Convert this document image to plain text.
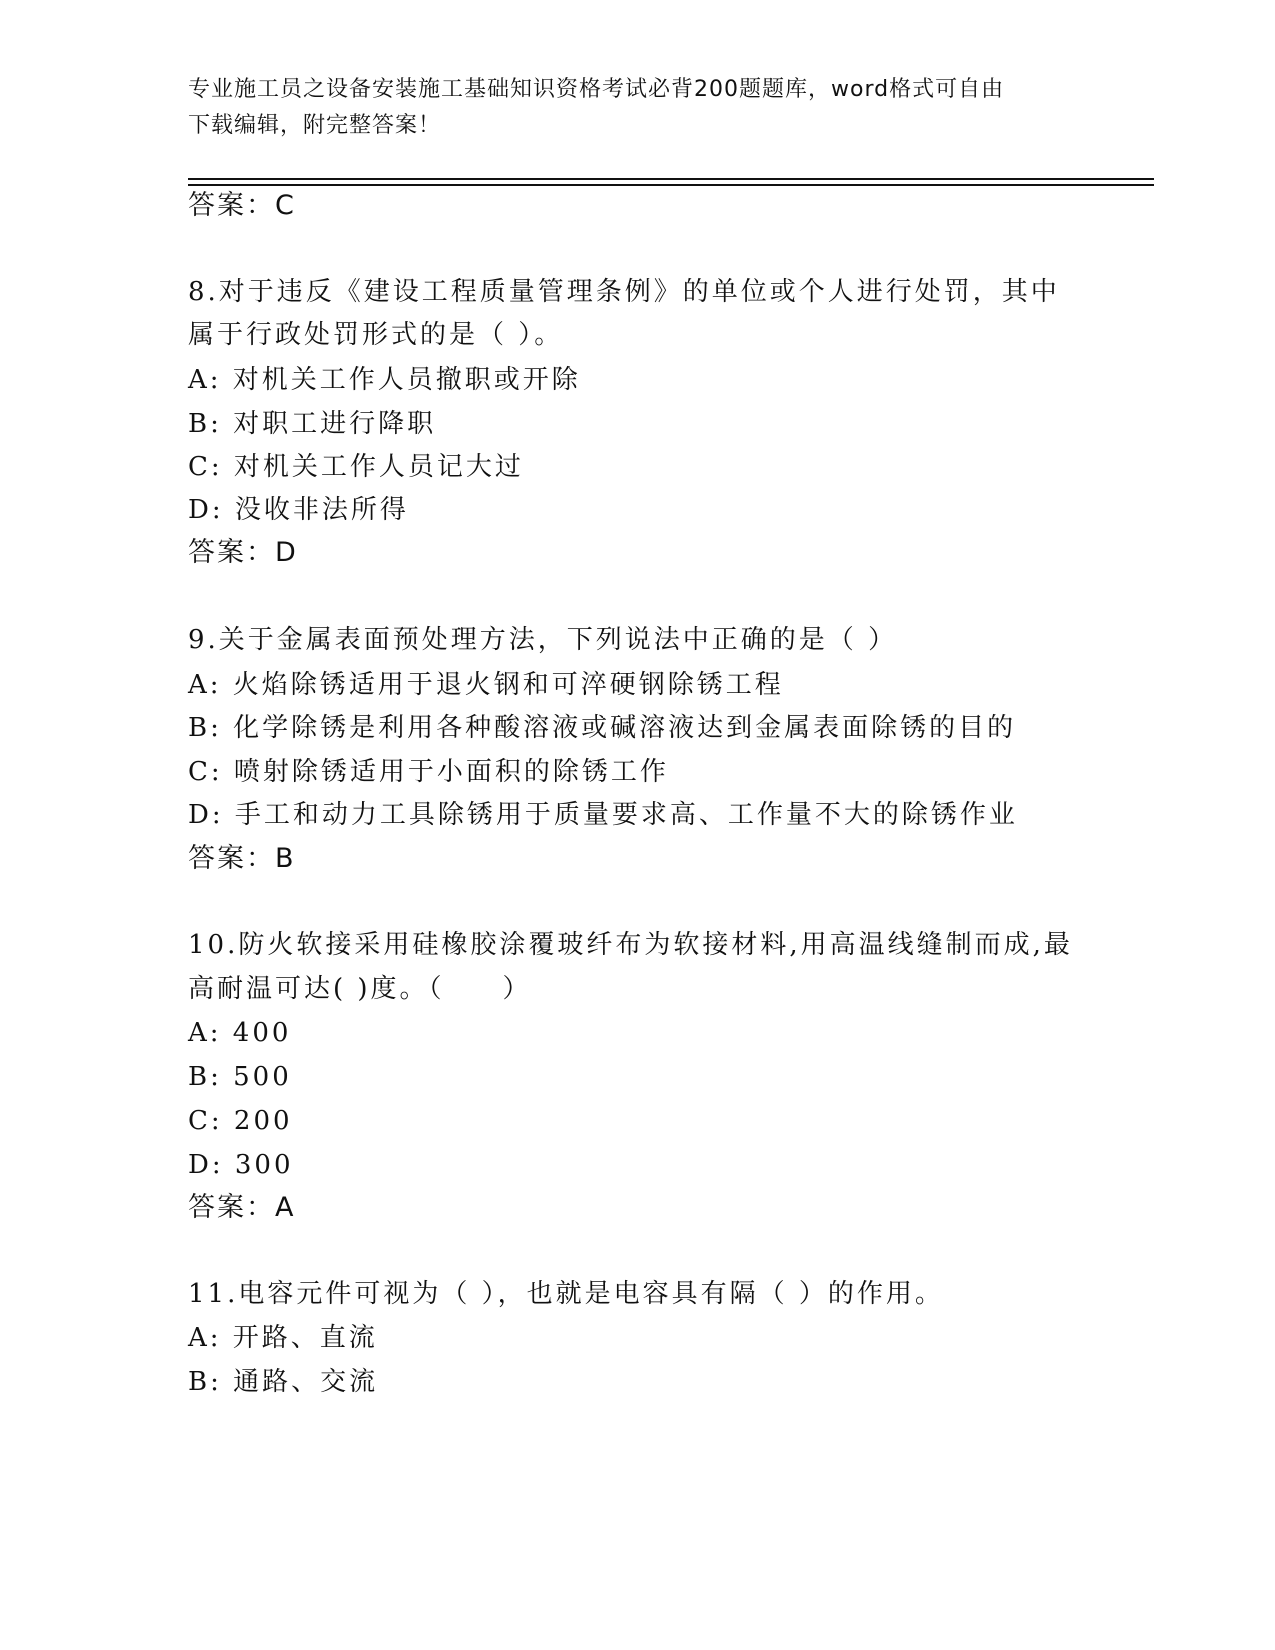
专业施工员之设备安装施工基础知识资格考试必背200题题库，word格式可自由
下载编辑，附完整答案！
答案：C
8.对于违反《建设工程质量管理条例》的单位或个人进行处罚，其中
属于行政处罚形式的是（ ）。
A: 对机关工作人员撤职或开除
B: 对职工进行降职
C: 对机关工作人员记大过
D: 没收非法所得
答案：D
9.关于金属表面预处理方法，下列说法中正确的是（ ）
A: 火焰除锈适用于退火钢和可淬硬钢除锈工程
B: 化学除锈是利用各种酸溶液或碱溶液达到金属表面除锈的目的
C: 喷射除锈适用于小面积的除锈工作
D: 手工和动力工具除锈用于质量要求高、工作量不大的除锈作业
答案：B
10.防火软接采用硅橡胶涂覆玻纤布为软接材料,用高温线缝制而成,最
高耐温可达( )度。（　　）
A: 400
B: 500
C: 200
D: 300
答案：A
11.电容元件可视为（ ），也就是电容具有隔（ ）的作用。
A: 开路、直流
B: 通路、交流
